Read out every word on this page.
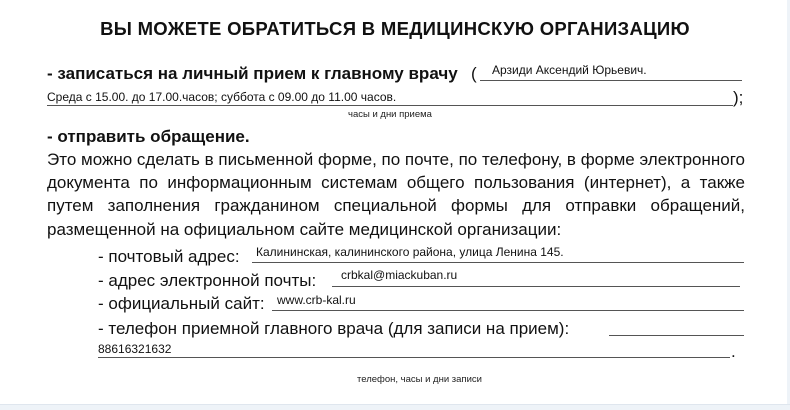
ВЫ МОЖЕТЕ ОБРАТИТЬСЯ В МЕДИЦИНСКУЮ ОРГАНИЗАЦИЮ
- записаться на личный прием к главному врачу ( Арзиди Аксендий Юрьевич.
Среда с 15.00. до 17.00.часов; суббота с 09.00 до 11.00 часов.	);
часы и дни приема
- отправить обращение.
Это можно сделать в письменной форме, по почте, по телефону, в форме электронного
документа по информационным системам общего пользования (интернет), а также
путем заполнения гражданином специальной формы для отправки обращений,
размещенной на официальном сайте медицинской организации:
- почтовый адрес: Калининская, калининского района, улица Ленина 145.
- адрес электронной почты: crbkal@miackuban.ru
- официальный сайт: www.crb-kal.ru
- телефон приемной главного врача (для записи на прием):
88616321632	.
телефон, часы и дни записи
